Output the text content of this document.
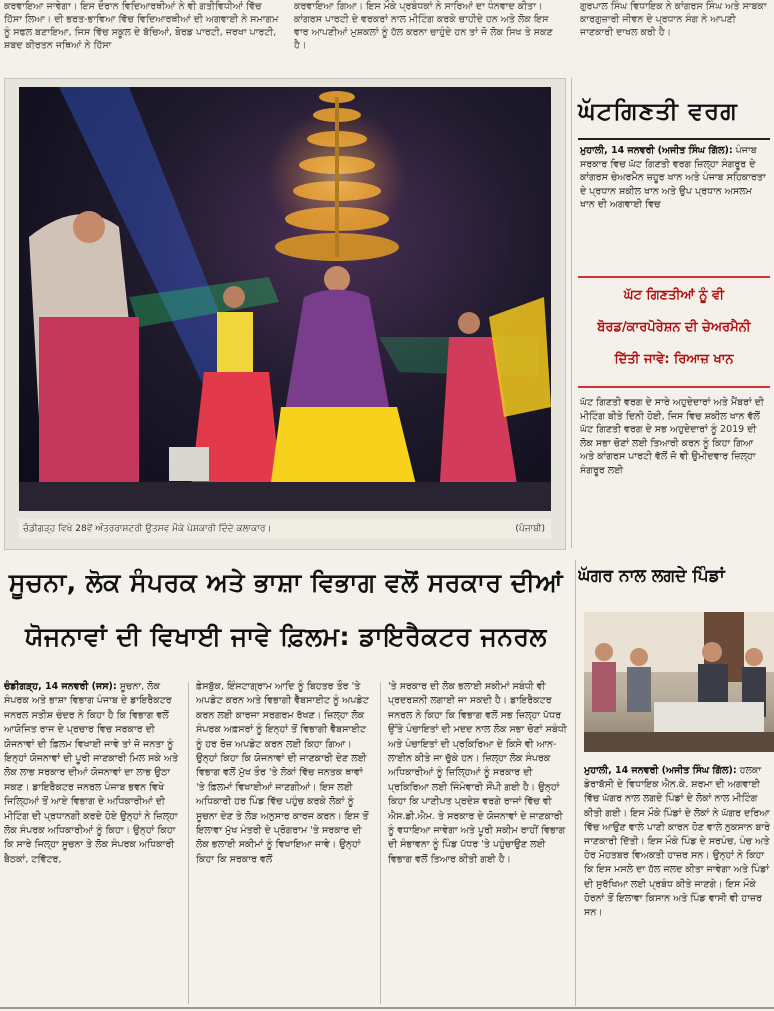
ਕਰਵਾਇਆ ਜਾਵੇਗਾ। ਇਸ ਦੌਰਾਨ ਵਿਦਿਆਰਥੀਆਂ ਨੇ ਵੀ ਗਤੀਵਿਧੀਆਂ ਵਿੱਚ ਹਿੱਸਾ ਲਿਆ। ਦੀ ਭਰਤ-ਭਾਵਿਆ ਵਿੱਚ ਵਿਦਿਆਰਥੀਆਂ ਦੀ ਅਗਵਾਈ ਨੇ ਸਮਾਗਮ ਨੂੰ ਸਫਲ ਬਣਾਇਆ, ਜਿਸ ਵਿੱਚ ਸਕੂਲ ਦੇ ਬੱਚਿਆਂ, ਬੋਰਡ ਪਾਰਟੀ, ਜਰਖਾ ਪਾਰਟੀ, ਸ਼ਬਦ ਕੀਰਤਨ ਜਥਿਆਂ ਨੇ ਹਿੱਸਾ
ਕਰਵਾਇਆ ਗਿਆ। ਇਸ ਮੌਕੇ ਪ੍ਰਬੰਧਕਾਂ ਨੇ ਸਾਰਿਆਂ ਦਾ ਧੰਨਵਾਦ ਕੀਤਾ। ਕਾਂਗਰਸ ਪਾਰਟੀ ਦੇ ਵਰਕਰਾਂ ਨਾਲ ਮੀਟਿੰਗ ਕਰਕੇ ਚਾਹੀਦੇ ਹਨ ਅਤੇ ਲੋਕ ਇਸ ਵਾਰ ਆਪਣੀਆਂ ਮੁਸ਼ਕਲਾਂ ਨੂੰ ਹੱਲ ਕਰਨਾ ਚਾਹੁੰਦੇ ਹਨ ਤਾਂ ਜੋ ਲੋਕ ਸਿਖ ਤੇ ਸਕਣ ਹੈ।
ਗੁਰਪਾਲ ਸਿੰਘ ਵਿਧਾਇਕ ਨੇ ਕਾਂਗਰਸ ਸਿੰਘ ਅਤੇ ਸਾਬਕਾ ਕਾਰਗੁਜ਼ਾਰੀ ਜੀਵਨ ਦੇ ਪ੍ਰਧਾਨ ਸੰਗ ਨੇ ਆਪਣੀ ਜਾਣਕਾਰੀ ਦਾਖਲ ਕਰੀ ਹੈ।
ਚੰਡੀਗੜ੍ਹ ਵਿਖੇ 28ਵੇਂ ਅੰਤਰਰਾਸ਼ਟਰੀ ਉਤਸਵ ਮੌਕੇ ਪੇਸ਼ਕਾਰੀ ਦਿੰਦੇ ਕਲਾਕਾਰ।	(ਪੰਜਾਬੀ)
ਘੱਟਗਿਣਤੀ ਵਰਗ
ਮੁਹਾਲੀ, 14 ਜਨਵਰੀ (ਅਜੀਤ ਸਿੰਘ ਗਿੱਲ): ਪੰਜਾਬ ਸਰਕਾਰ ਵਿਚ ਘੱਟ ਗਿਣਤੀ ਵਰਗ ਜ਼ਿਲ੍ਹਾ ਸੰਗਰੂਰ ਦੇ ਕਾਂਗਰਸ ਚੇਅਰਮੈਨ ਜ਼ਹੂਰ ਖਾਨ ਅਤੇ ਪੰਜਾਬ ਸਹਿਕਾਰਤਾ ਦੇ ਪ੍ਰਧਾਨ ਸ਼ਕੀਲ ਖਾਨ ਅਤੇ ਉਪ ਪ੍ਰਧਾਨ ਅਸਲਮ ਖਾਨ ਦੀ ਅਗਵਾਈ ਵਿਚ
ਘੱਟ ਗਿਣਤੀਆਂ ਨੂੰ ਵੀ
ਬੋਰਡ/ਕਾਰਪੋਰੇਸ਼ਨ ਦੀ ਚੇਅਰਮੈਨੀ
ਦਿੱਤੀ ਜਾਵੇ: ਰਿਆਜ਼ ਖਾਨ
ਘੱਟ ਗਿਣਤੀ ਵਰਗ ਦੇ ਸਾਰੇ ਅਹੁਦੇਦਾਰਾਂ ਅਤੇ ਮੈਂਬਰਾਂ ਦੀ ਮੀਟਿੰਗ ਬੀਤੇ ਦਿਨੀ ਹੋਈ, ਜਿਸ ਵਿਚ ਸ਼ਕੀਲ ਖਾਨ ਵੱਲੋਂ ਘੱਟ ਗਿਣਤੀ ਵਰਗ ਦੇ ਸਭ ਅਹੁਦੇਦਾਰਾਂ ਨੂੰ 2019 ਦੀ ਲੋਕ ਸਭਾ ਚੋਣਾਂ ਲਈ ਤਿਆਰੀ ਕਰਨ ਨੂੰ ਕਿਹਾ ਗਿਆ ਅਤੇ ਕਾਂਗਰਸ ਪਾਰਟੀ ਵੱਲੋਂ ਜੋ ਵੀ ਉਮੀਦਵਾਰ ਜ਼ਿਲ੍ਹਾ ਸੰਗਰੂਰ ਲਈ
ਸੂਚਨਾ, ਲੋਕ ਸੰਪਰਕ ਅਤੇ ਭਾਸ਼ਾ ਵਿਭਾਗ ਵਲੋਂ ਸਰਕਾਰ ਦੀਆਂ
ਯੋਜਨਾਵਾਂ ਦੀ ਵਿਖਾਈ ਜਾਵੇ ਫ਼ਿਲਮ: ਡਾਇਰੈਕਟਰ ਜਨਰਲ
ਚੰਡੀਗੜ੍ਹ, 14 ਜਨਵਰੀ (ਜਸ): ਸੂਚਨਾ, ਲੋਕ ਸੰਪਰਕ ਅਤੇ ਭਾਸ਼ਾ ਵਿਭਾਗ ਪੰਜਾਬ ਦੇ ਡਾਇਰੈਕਟਰ ਜਨਰਲ ਸਤੀਸ਼ ਚੰਦਰ ਨੇ ਕਿਹਾ ਹੈ ਕਿ ਵਿਭਾਗ ਵਲੋਂ ਆਯੋਜਿਤ ਰਾਜ ਦੇ ਪ੍ਰਚਾਰ ਵਿਚ ਸਰਕਾਰ ਦੀ ਯੋਜਨਾਵਾਂ ਦੀ ਫ਼ਿਲਮ ਵਿਖਾਈ ਜਾਵੇ ਤਾਂ ਜੋ ਜਨਤਾ ਨੂੰ ਇਨ੍ਹਾਂ ਯੋਜਨਾਵਾਂ ਦੀ ਪੂਰੀ ਜਾਣਕਾਰੀ ਮਿਲ ਸਕੇ ਅਤੇ ਲੋਕ ਲਾਭ ਸਰਕਾਰ ਦੀਆਂ ਯੋਜਨਾਵਾਂ ਦਾ ਲਾਭ ਉਠਾ ਸਕਣ। ਡਾਇਰੈਕਟਰ ਜਨਰਲ ਪੰਜਾਬ ਭਵਨ ਵਿਖੇ ਜਿਲ੍ਹਿਆਂ ਤੋਂ ਆਏ ਵਿਭਾਗ ਦੇ ਅਧਿਕਾਰੀਆਂ ਦੀ ਮੀਟਿੰਗ ਦੀ ਪ੍ਰਧਾਨਗੀ ਕਰਦੇ ਹੋਏ ਉਨ੍ਹਾਂ ਨੇ ਜ਼ਿਲ੍ਹਾ ਲੋਕ ਸੰਪਰਕ ਅਧਿਕਾਰੀਆਂ ਨੂੰ ਕਿਹਾ। ਉਨ੍ਹਾਂ ਕਿਹਾ ਕਿ ਸਾਰੇ ਜਿਲ੍ਹਾ ਸੂਚਨਾ ਤੇ ਲੋਕ ਸੰਪਰਕ ਅਧਿਕਾਰੀ ਬੈਠਕਾਂ, ਟਵਿੱਟਰ,
ਫ਼ੇਸਬੁੱਕ, ਇੰਸਟਾਗ੍ਰਾਮ ਆਦਿ ਨੂੰ ਬਿਹਤਰ ਤੌਰ 'ਤੇ ਅਪਡੇਟ ਕਰਨ ਅਤੇ ਵਿਭਾਗੀ ਵੈੱਬਸਾਈਟ ਨੂੰ ਅਪਡੇਟ ਕਰਨ ਲਈ ਕਾਰਜਾ ਸਰਗਰਮ ਰੱਖਣ। ਜ਼ਿਲ੍ਹਾ ਲੋਕ ਸੰਪਰਕ ਅਫ਼ਸਰਾਂ ਨੂੰ ਇਨ੍ਹਾਂ ਤੋਂ ਵਿਭਾਗੀ ਵੈੱਬਸਾਈਟ ਨੂੰ ਹਰ ਰੋਜ਼ ਅਪਡੇਟ ਕਰਨ ਲਈ ਕਿਹਾ ਗਿਆ। ਉਨ੍ਹਾਂ ਕਿਹਾ ਕਿ ਯੋਜਨਾਵਾਂ ਦੀ ਜਾਣਕਾਰੀ ਦੇਣ ਲਈ ਵਿਭਾਗ ਵਲੋਂ ਮੁੱਖ ਤੌਰ 'ਤੇ ਲੋਕਾਂ ਵਿੱਚ ਜਨਤਕ ਥਾਵਾਂ 'ਤੇ ਫ਼ਿਲਮਾਂ ਵਿਖਾਈਆਂ ਜਾਣਗੀਆਂ। ਇਸ ਲਈ ਅਧਿਕਾਰੀ ਹਰ ਪਿੰਡ ਵਿੱਚ ਪਹੁੰਚ ਕਰਕੇ ਲੋਕਾਂ ਨੂੰ ਸੂਚਨਾ ਦੇਣ ਤੇ ਲੋੜ ਅਨੁਸਾਰ ਕਾਰਜ ਕਰਨ। ਇਸ ਤੋਂ ਇਲਾਵਾ ਮੁੱਖ ਮੰਤਰੀ ਦੇ ਪ੍ਰੋਗਰਾਮ 'ਤੇ ਸਰਕਾਰ ਦੀ ਲੋਕ ਭਲਾਈ ਸਕੀਮਾਂ ਨੂੰ ਵਿਖਾਇਆ ਜਾਵੇ। ਉਨ੍ਹਾਂ ਕਿਹਾ ਕਿ ਸਰਕਾਰ ਵਲੋਂ
'ਤੇ ਸਰਕਾਰ ਦੀ ਲੋਕ ਭਲਾਈ ਸਕੀਮਾਂ ਸਬੰਧੀ ਵੀ ਪ੍ਰਦਰਸ਼ਨੀ ਲਗਾਈ ਜਾ ਸਕਦੀ ਹੈ। ਡਾਇਰੈਕਟਰ ਜਨਰਲ ਨੇ ਕਿਹਾ ਕਿ ਵਿਭਾਗ ਵਲੋਂ ਸਭ ਜ਼ਿਲ੍ਹਾ ਪੱਧਰ ਉੱਤੇ ਪੰਚਾਇਤਾਂ ਦੀ ਮਦਦ ਨਾਲ ਲੋਕ ਸਭਾ ਚੋਣਾਂ ਸਬੰਧੀ ਅਤੇ ਪੰਚਾਇਤਾਂ ਦੀ ਪ੍ਰਕਿਰਿਆ ਦੇ ਕਿਸੇ ਵੀ ਆਨ-ਲਾਈਨ ਕੀਤੇ ਜਾ ਚੁੱਕੇ ਹਨ। ਜ਼ਿਲ੍ਹਾ ਲੋਕ ਸੰਪਰਕ ਅਧਿਕਾਰੀਆਂ ਨੂੰ ਜ਼ਿਲ੍ਹਿਆਂ ਨੂੰ ਸਰਕਾਰ ਦੀ ਪ੍ਰਕਿਰਿਆ ਲਈ ਜਿੰਮੇਵਾਰੀ ਸੌਂਪੀ ਗਈ ਹੈ। ਉਨ੍ਹਾਂ ਕਿਹਾ ਕਿ ਪਾਣੀਪਤ ਪ੍ਰਦੇਸ਼ ਵਰਗੇ ਰਾਜਾਂ ਵਿੱਚ ਵੀ ਐਸ.ਡੀ.ਐਮ. ਤੇ ਸਰਕਾਰ ਦੇ ਯੋਜਨਾਵਾਂ ਦੇ ਜਾਣਕਾਰੀ ਨੂੰ ਵਧਾਇਆ ਜਾਵੇਗਾ ਅਤੇ ਪੂਰੀ ਸਕੀਮ ਰਾਹੀਂ ਵਿਭਾਗ ਦੀ ਸੰਭਾਵਨਾ ਨੂੰ ਪਿੰਡ ਪੱਧਰ 'ਤੇ ਪਹੁੰਚਾਉਣ ਲਈ ਵਿਭਾਗ ਵਲੋਂ ਤਿਆਰ ਕੀਤੀ ਗਈ ਹੈ।
ਘੱਗਰ ਨਾਲ ਲਗਦੇ ਪਿੰਡਾਂ
ਮੁਹਾਲੀ, 14 ਜਨਵਰੀ (ਅਜੀਤ ਸਿੰਘ ਗਿੱਲ): ਹਲਕਾ ਡੇਰਾਬੱਸੀ ਦੇ ਵਿਧਾਇਕ ਐਨ.ਕੇ. ਸ਼ਰਮਾ ਦੀ ਅਗਵਾਈ ਵਿੱਚ ਘੱਗਰ ਨਾਲ ਲਗਦੇ ਪਿੰਡਾਂ ਦੇ ਲੋਕਾਂ ਨਾਲ ਮੀਟਿੰਗ ਕੀਤੀ ਗਈ। ਇਸ ਮੌਕੇ ਪਿੰਡਾਂ ਦੇ ਲੋਕਾਂ ਨੇ ਘੱਗਰ ਦਰਿਆ ਵਿੱਚ ਆਉਣ ਵਾਲੇ ਪਾਣੀ ਕਾਰਨ ਹੋਣ ਵਾਲੇ ਨੁਕਸਾਨ ਬਾਰੇ ਜਾਣਕਾਰੀ ਦਿੱਤੀ। ਇਸ ਮੌਕੇ ਪਿੰਡ ਦੇ ਸਰਪੰਚ, ਪੰਚ ਅਤੇ ਹੋਰ ਮੋਹਤਬਰ ਵਿਅਕਤੀ ਹਾਜ਼ਰ ਸਨ। ਉਨ੍ਹਾਂ ਨੇ ਕਿਹਾ ਕਿ ਇਸ ਮਸਲੇ ਦਾ ਹੱਲ ਜਲਦ ਕੀਤਾ ਜਾਵੇਗਾ ਅਤੇ ਪਿੰਡਾਂ ਦੀ ਸੁਰੱਖਿਆ ਲਈ ਪ੍ਰਬੰਧ ਕੀਤੇ ਜਾਣਗੇ। ਇਸ ਮੌਕੇ ਹੋਰਨਾਂ ਤੋਂ ਇਲਾਵਾ ਕਿਸਾਨ ਅਤੇ ਪਿੰਡ ਵਾਸੀ ਵੀ ਹਾਜ਼ਰ ਸਨ।
